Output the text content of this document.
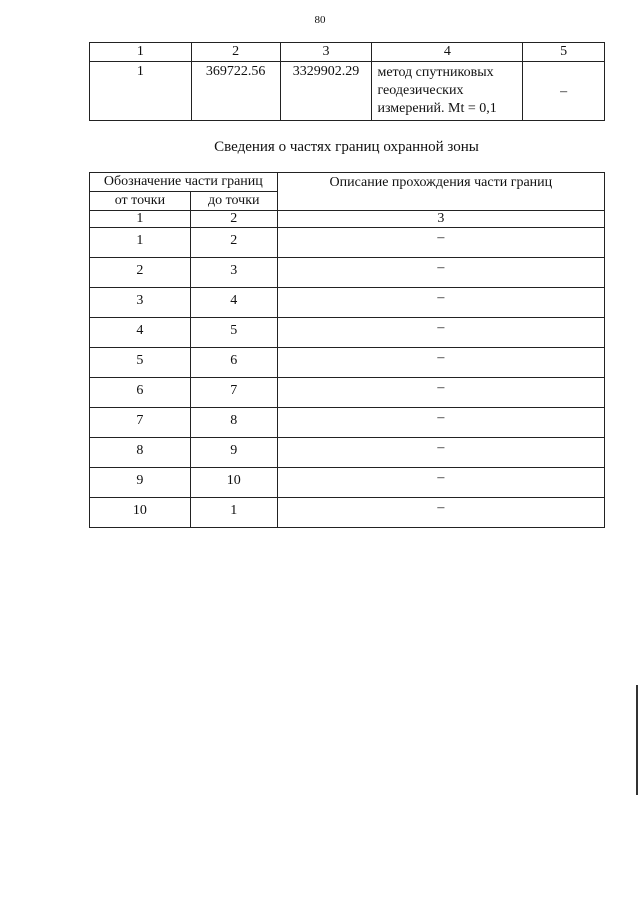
80
1	2	3	4	5
1	369722.56	3329902.29	метод спутниковых
геодезических
измерений. Mt = 0,1	–
Сведения о частях границ охранной зоны
Обозначение части границ		Описание прохождения части границ
от точки	до точки	
1	2	3
1	2	–
2	3	–
3	4	–
4	5	–
5	6	–
6	7	–
7	8	–
8	9	–
9	10	–
10	1	–
